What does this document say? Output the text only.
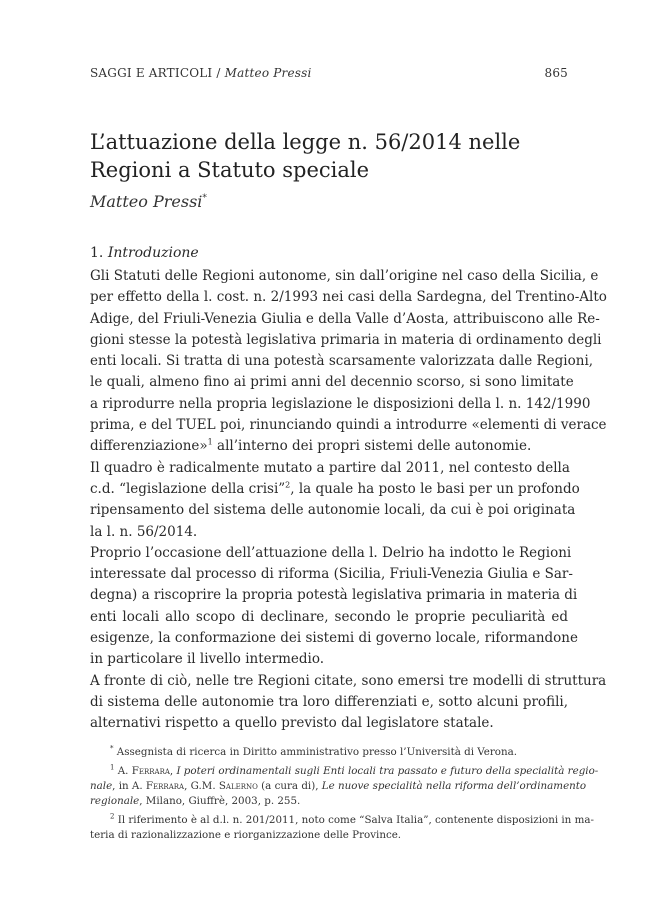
SAGGI E ARTICOLI / Matteo Pressi	865
L’attuazione della legge n. 56/2014 nelle
Regioni a Statuto speciale
Matteo Pressi*
1. Introduzione
Gli Statuti delle Regioni autonome, sin dall’origine nel caso della Sicilia, e
per effetto della l. cost. n. 2/1993 nei casi della Sardegna, del Trentino-Alto
Adige, del Friuli-Venezia Giulia e della Valle d’Aosta, attribuiscono alle Re-
gioni stesse la potestà legislativa primaria in materia di ordinamento degli
enti locali. Si tratta di una potestà scarsamente valorizzata dalle Regioni,
le quali, almeno fino ai primi anni del decennio scorso, si sono limitate
a riprodurre nella propria legislazione le disposizioni della l. n. 142/1990
prima, e del TUEL poi, rinunciando quindi a introdurre «elementi di verace
differenziazione»$^1$ all’interno dei propri sistemi delle autonomie.
Il quadro è radicalmente mutato a partire dal 2011, nel contesto della
c.d. “legislazione della crisi”$^2$, la quale ha posto le basi per un profondo
ripensamento del sistema delle autonomie locali, da cui è poi originata
la l. n. 56/2014.
Proprio l’occasione dell’attuazione della l. Delrio ha indotto le Regioni
interessate dal processo di riforma (Sicilia, Friuli-Venezia Giulia e Sar-
degna) a riscoprire la propria potestà legislativa primaria in materia di
enti locali allo scopo di declinare, secondo le proprie peculiarità ed
esigenze, la conformazione dei sistemi di governo locale, riformandone
in particolare il livello intermedio.
A fronte di ciò, nelle tre Regioni citate, sono emersi tre modelli di struttura
di sistema delle autonomie tra loro differenziati e, sotto alcuni profili,
alternativi rispetto a quello previsto dal legislatore statale.
* Assegnista di ricerca in Diritto amministrativo presso l’Università di Verona.
$^1$ A. Ferrara, I poteri ordinamentali sugli Enti locali tra passato e futuro della specialità regio-
nale, in A. Ferrara, G.M. Salerno (a cura di), Le nuove specialità nella riforma dell’ordinamento
regionale, Milano, Giuffrè, 2003, p. 255.
$^2$ Il riferimento è al d.l. n. 201/2011, noto come “Salva Italia”, contenente disposizioni in ma-
teria di razionalizzazione e riorganizzazione delle Province.
